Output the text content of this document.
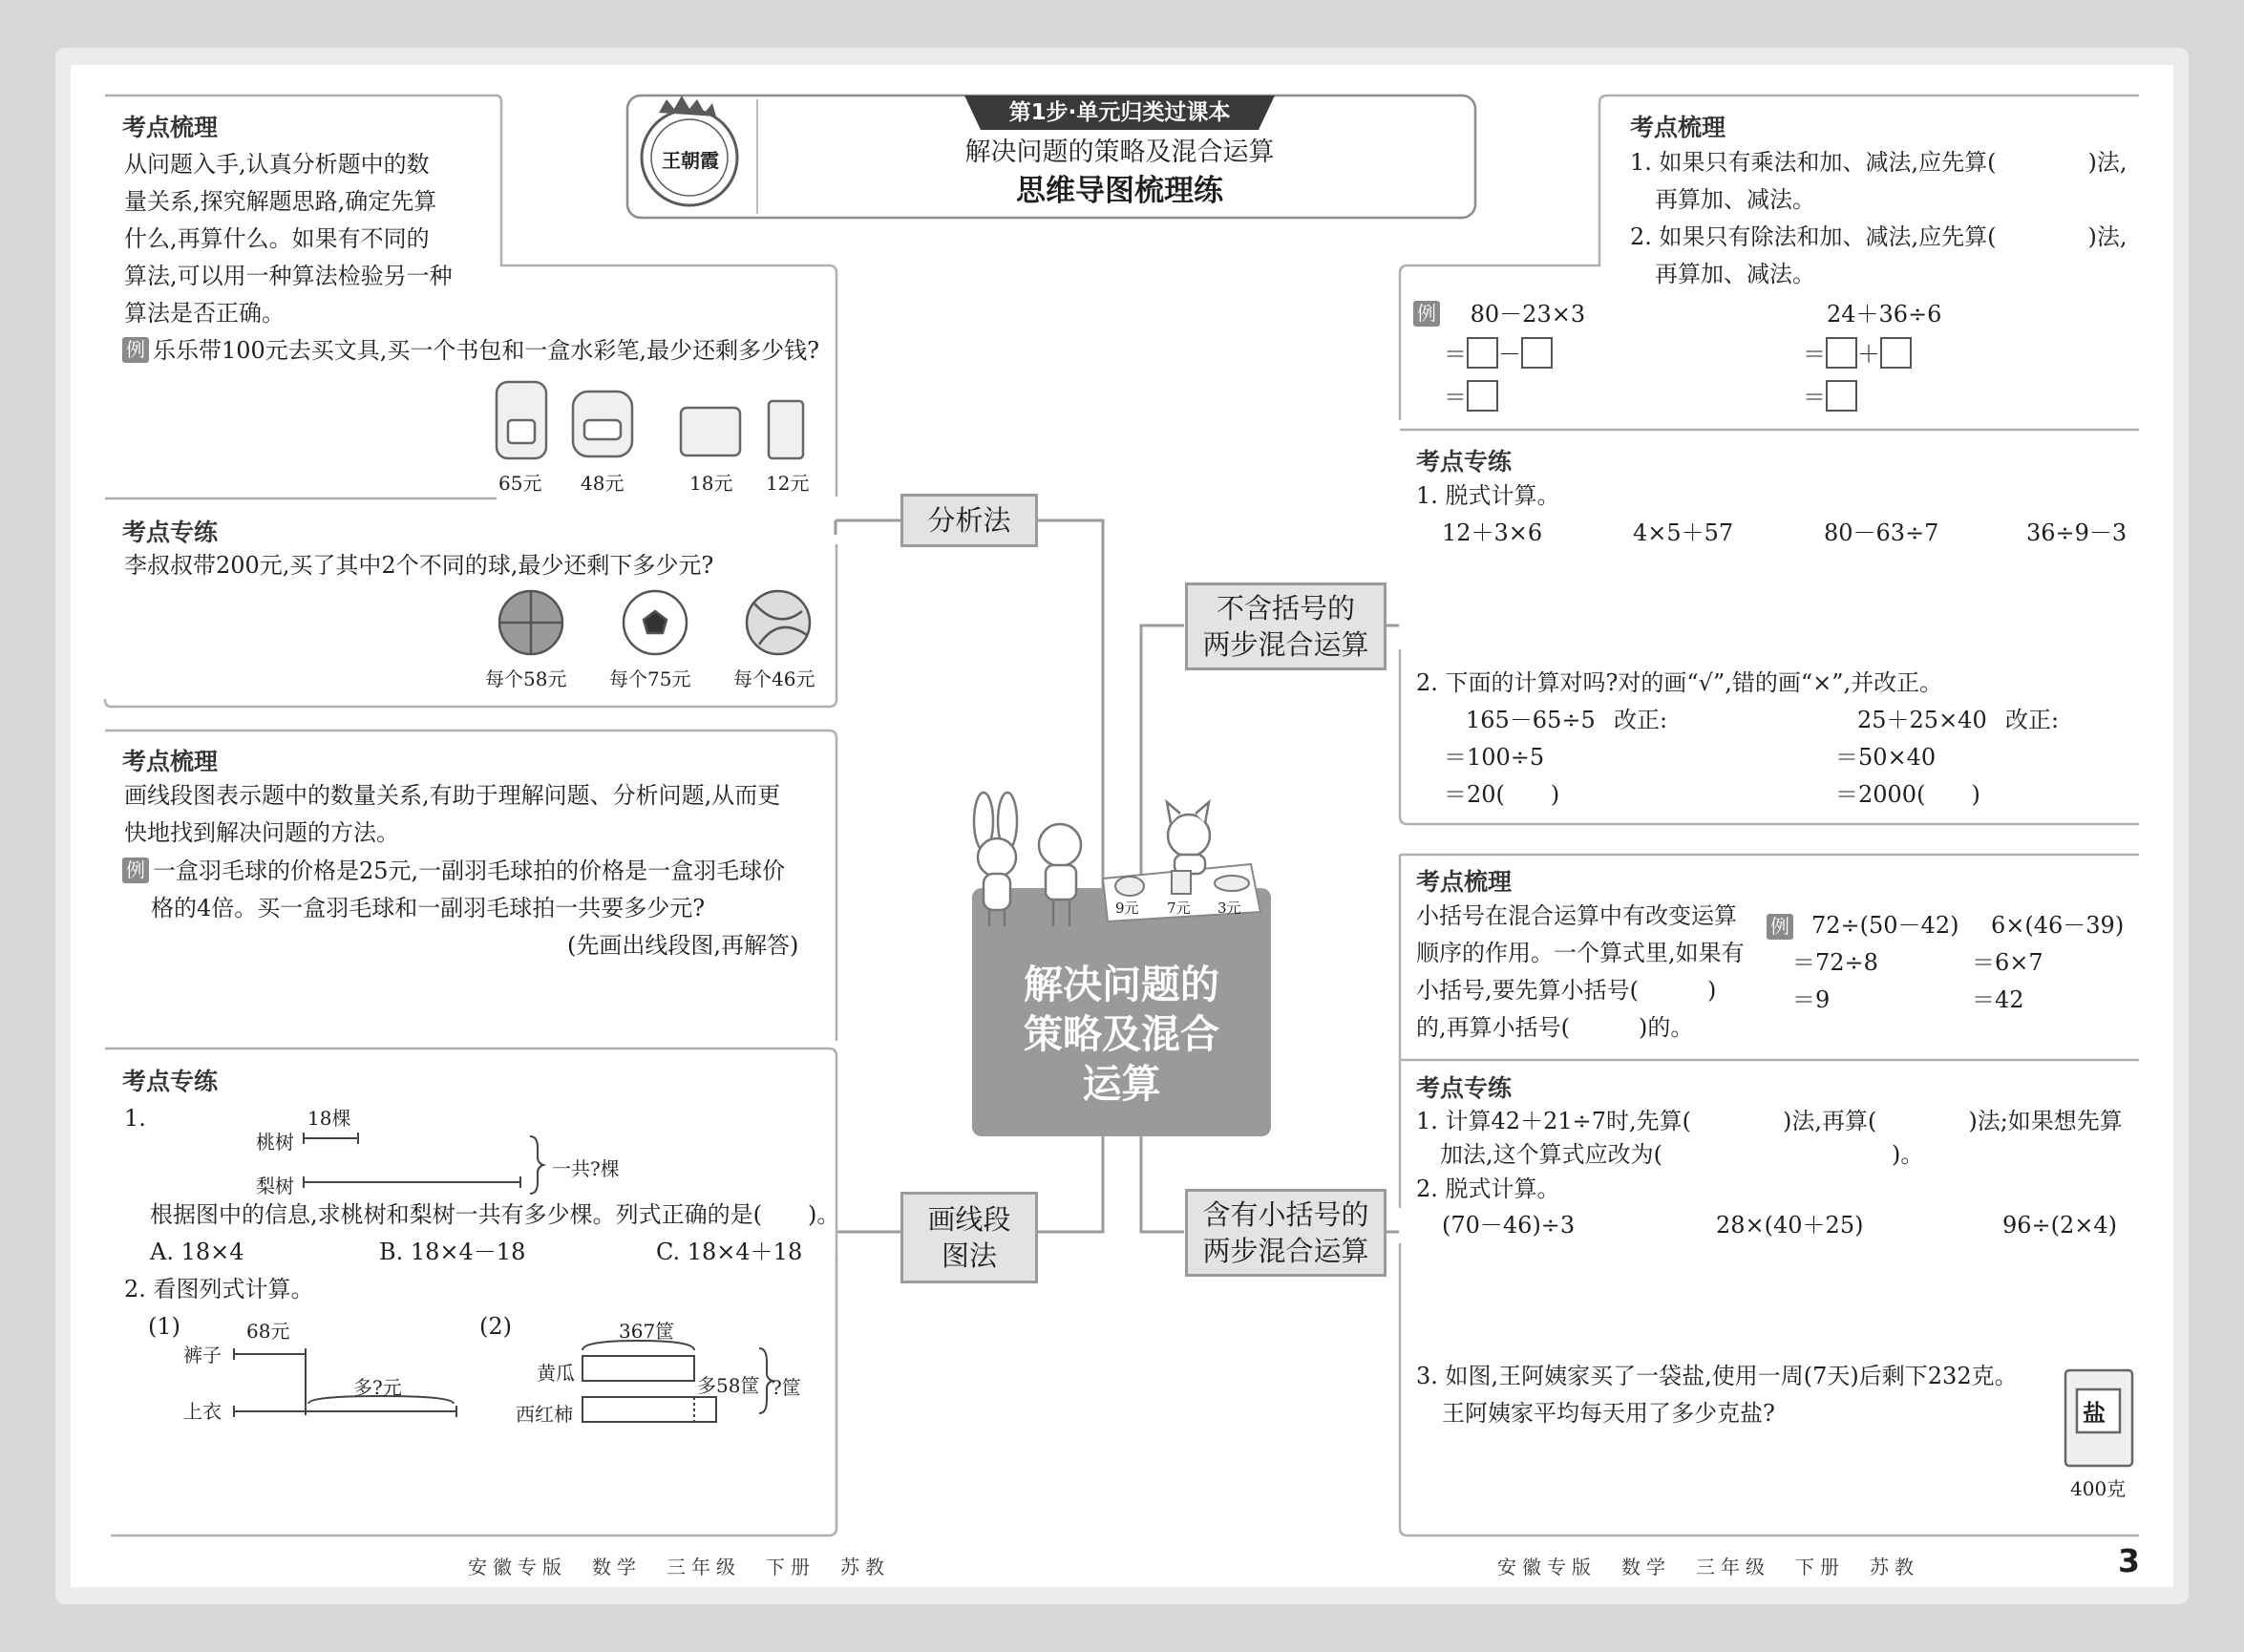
第1步·单元归类过课本
解决问题的策略及混合运算
思维导图梳理练
王朝霞
解决问题的
策略及混合
运算
9元 7元 3元
分析法
画线段
图法
不含括号的
两步混合运算
含有小括号的
两步混合运算
考点梳理
从问题入手,认真分析题中的数
量关系,探究解题思路,确定先算
什么,再算什么。如果有不同的
算法,可以用一种算法检验另一种
算法是否正确。
例 乐乐带100元去买文具,买一个书包和一盒水彩笔,最少还剩多少钱?
65元 48元	18元 12元
考点专练
李叔叔带200元,买了其中2个不同的球,最少还剩下多少元?
每个58元 每个75元 每个46元
考点梳理
画线段图表示题中的数量关系,有助于理解问题、分析问题,从而更
快地找到解决问题的方法。
例 一盒羽毛球的价格是25元,一副羽毛球拍的价格是一盒羽毛球价
格的4倍。买一盒羽毛球和一副羽毛球拍一共要多少元?
(先画出线段图,再解答)
考点专练
1.	18棵
桃树
梨树
一共?棵
根据图中的信息,求桃树和梨树一共有多少棵。列式正确的是(　　)。
A. 18×4	B. 18×4－18	C. 18×4＋18
2. 看图列式计算。
(1)	68元
裤子
上衣
多?元
(2)	367筐
黄瓜
西红柿
多58筐 ?筐
考点梳理
1. 如果只有乘法和加、减法,应先算(　　　　)法,
再算加、减法。
2. 如果只有除法和加、减法,应先算(　　　　)法,
再算加、减法。
例 80－23×3
＝ －
＝
24＋36÷6
＝ ＋
＝
考点专练
1. 脱式计算。
12＋3×6	4×5＋57	80－63÷7	36÷9－3
2. 下面的计算对吗?对的画“√”,错的画“×”,并改正。
165－65÷5 改正:
＝100÷5
＝20(　　)
25＋25×40 改正:
＝50×40
＝2000(　　)
考点梳理
小括号在混合运算中有改变运算
顺序的作用。一个算式里,如果有
小括号,要先算小括号(　　　)
的,再算小括号(　　　)的。
例 72÷(50－42)
＝72÷8
＝9
6×(46－39)
＝6×7
＝42
考点专练
1. 计算42＋21÷7时,先算(　　　　)法,再算(　　　　)法;如果想先算
加法,这个算式应改为(　　　　　　　　　　)。
2. 脱式计算。
(70－46)÷3	28×(40＋25)	96÷(2×4)
3. 如图,王阿姨家买了一袋盐,使用一周(7天)后剩下232克。
王阿姨家平均每天用了多少克盐?	盐
400克
安徽专版　数学　三年级　下册　苏教	安徽专版　数学　三年级　下册　苏教	3
